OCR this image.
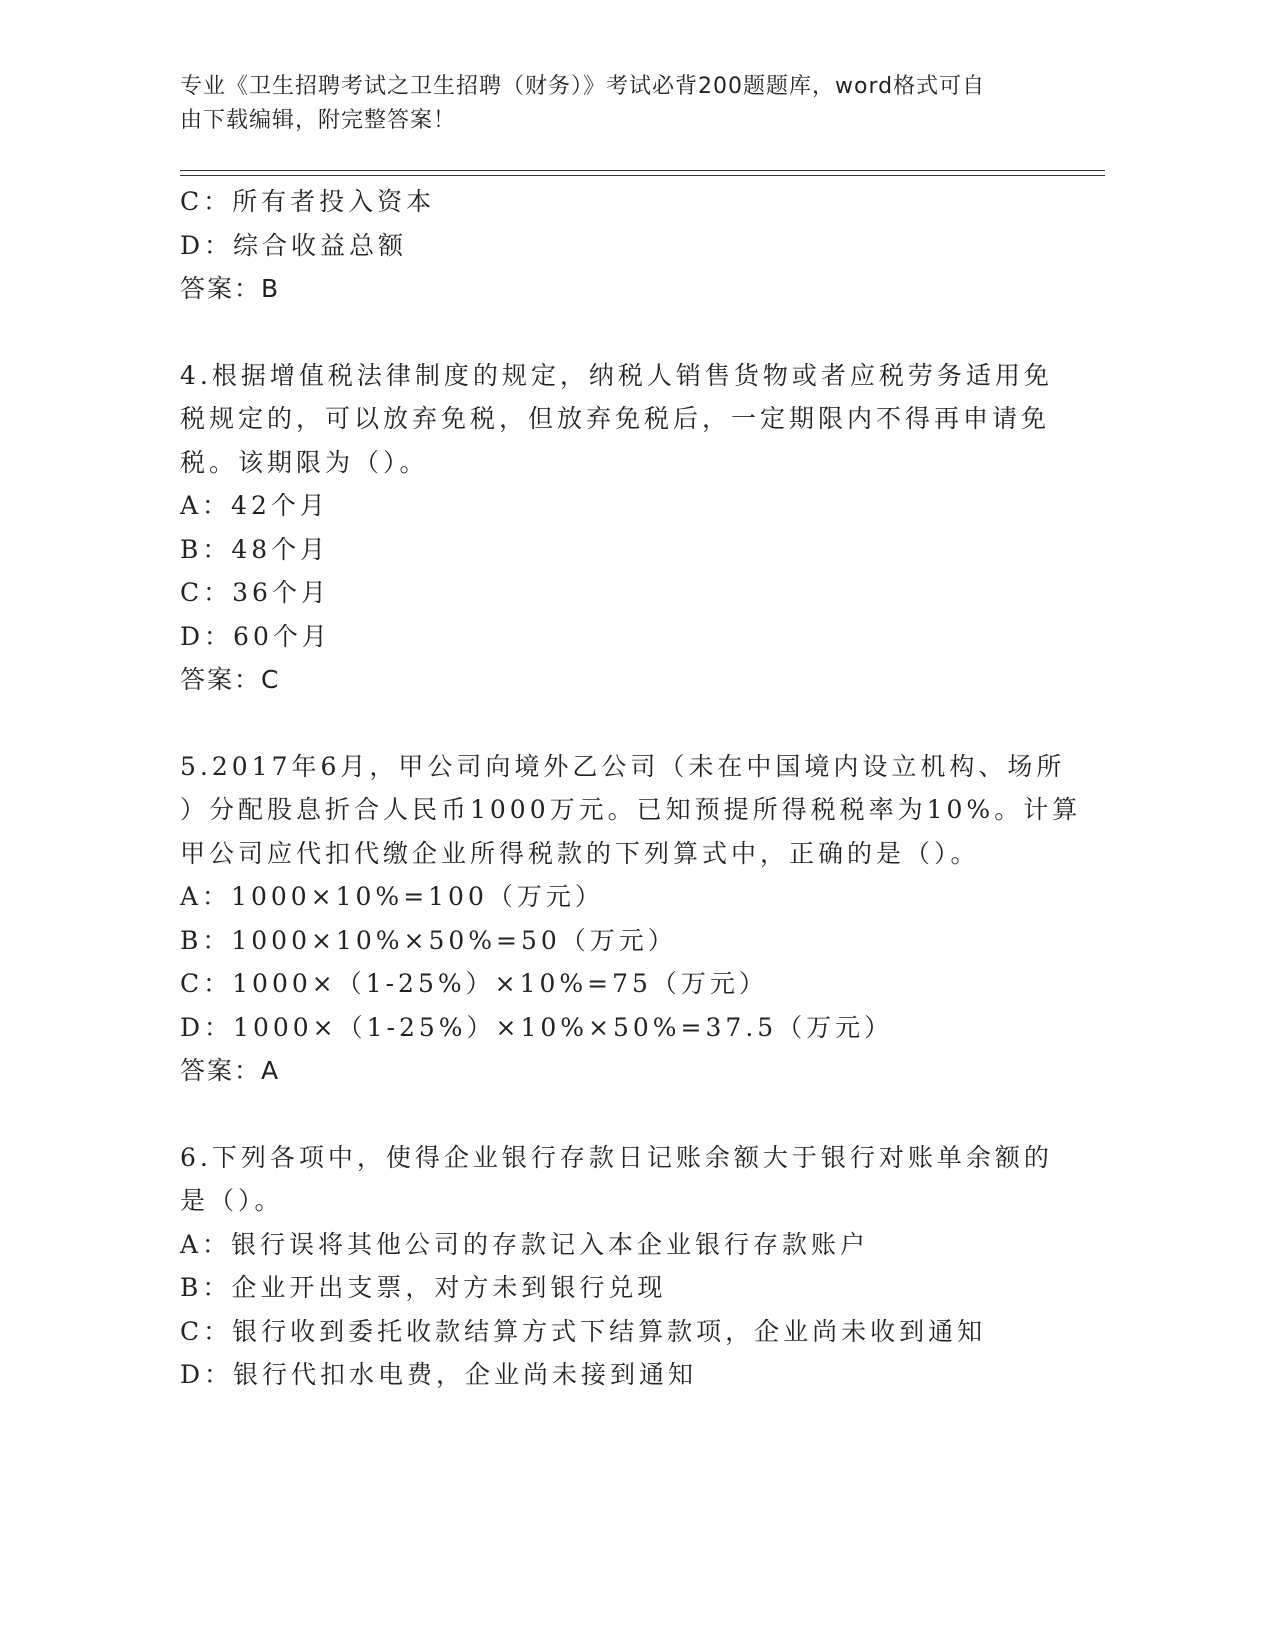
专业《卫生招聘考试之卫生招聘（财务）》考试必背200题题库，word格式可自
由下载编辑，附完整答案！
C：所有者投入资本
D：综合收益总额
答案：B
4.根据增值税法律制度的规定，纳税人销售货物或者应税劳务适用免
税规定的，可以放弃免税，但放弃免税后，一定期限内不得再申请免
税。该期限为（）。
A：42个月
B：48个月
C：36个月
D：60个月
答案：C
5.2017年6月，甲公司向境外乙公司（未在中国境内设立机构、场所
）分配股息折合人民币1000万元。已知预提所得税税率为10%。计算
甲公司应代扣代缴企业所得税款的下列算式中，正确的是（）。
A：1000×10%=100（万元）
B：1000×10%×50%=50（万元）
C：1000×（1-25%）×10%=75（万元）
D：1000×（1-25%）×10%×50%=37.5（万元）
答案：A
6.下列各项中，使得企业银行存款日记账余额大于银行对账单余额的
是（）。
A：银行误将其他公司的存款记入本企业银行存款账户
B：企业开出支票，对方未到银行兑现
C：银行收到委托收款结算方式下结算款项，企业尚未收到通知
D：银行代扣水电费，企业尚未接到通知
